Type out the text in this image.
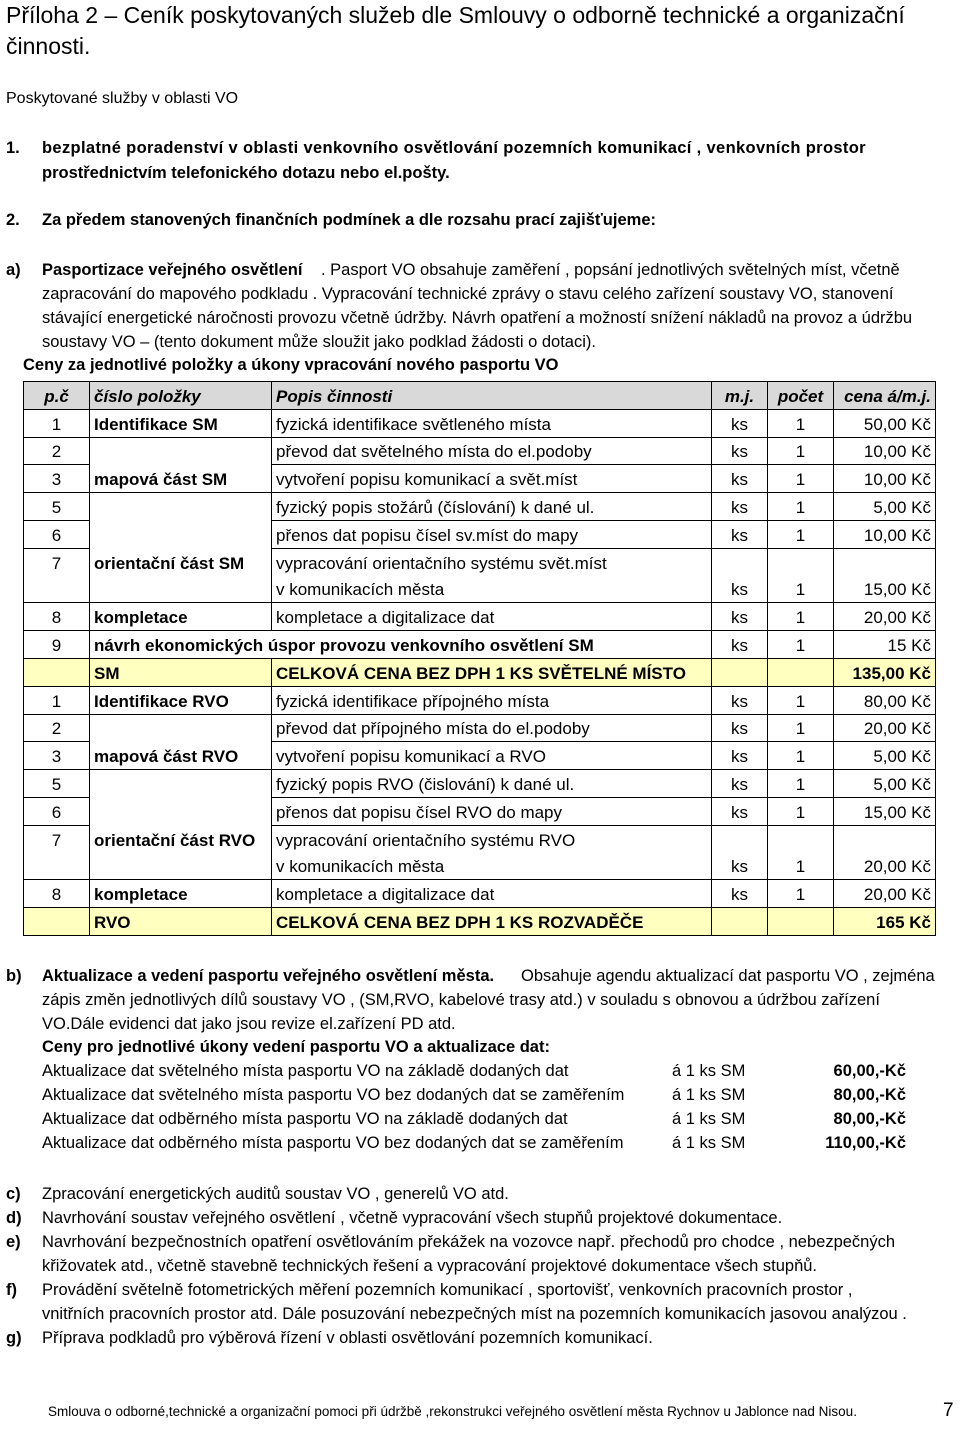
Příloha 2 – Ceník poskytovaných služeb dle Smlouvy o odborně technické a organizační činnosti.
Poskytované služby v oblasti VO
1. bezplatné poradenství v oblasti venkovního osvětlování pozemních komunikací , venkovních prostor
prostřednictvím telefonického dotazu nebo el.pošty.
2. Za předem stanovených finančních podmínek a dle rozsahu prací zajišťujeme:
a) Pasportizace veřejného osvětlení . Pasport VO obsahuje zaměření , popsání jednotlivých světelných míst, včetně
zapracování do mapového podkladu . Vypracování technické zprávy o stavu celého zařízení soustavy VO, stanovení
stávající energetické náročnosti provozu včetně údržby. Návrh opatření a možností snížení nákladů na provoz a údržbu
soustavy VO – (tento dokument může sloužit jako podklad žádosti o dotaci).
Ceny za jednotlivé položky a úkony vpracování nového pasportu VO
p.č	číslo položky	Popis činnosti	m.j.	počet	cena á/m.j.
1	Identifikace SM	fyzická identifikace světleného místa	ks	1	50,00 Kč
2		převod dat světelného místa do el.podoby	ks	1	10,00 Kč
3	mapová část SM	vytvoření popisu komunikací a svět.míst	ks	1	10,00 Kč
5		fyzický popis stožárů (číslování) k dané ul.	ks	1	5,00 Kč
6		přenos dat popisu čísel sv.míst do mapy	ks	1	10,00 Kč
7	orientační část SM	vypracování orientačního systému svět.míst			
		v komunikacích města	ks	1	15,00 Kč
8	kompletace	kompletace a digitalizace dat	ks	1	20,00 Kč
9	návrh ekonomických úspor provozu venkovního osvětlení SM		ks	1	15 Kč
	SM	CELKOVÁ CENA BEZ DPH 1 KS SVĚTELNÉ MÍSTO			135,00 Kč
1	Identifikace RVO	fyzická identifikace přípojného místa	ks	1	80,00 Kč
2		převod dat přípojného místa do el.podoby	ks	1	20,00 Kč
3	mapová část RVO	vytvoření popisu komunikací a RVO	ks	1	5,00 Kč
5		fyzický popis RVO (čislování) k dané ul.	ks	1	5,00 Kč
6		přenos dat popisu čísel RVO do mapy	ks	1	15,00 Kč
7	orientační část RVO	vypracování orientačního systému RVO			
		v komunikacích města	ks	1	20,00 Kč
8	kompletace	kompletace a digitalizace dat	ks	1	20,00 Kč
	RVO	CELKOVÁ CENA BEZ DPH 1 KS ROZVADĚČE			165 Kč
b) Aktualizace a vedení pasportu veřejného osvětlení města. Obsahuje agendu aktualizací dat pasportu VO , zejména
zápis změn jednotlivých dílů soustavy VO , (SM,RVO, kabelové trasy atd.) v souladu s obnovou a údržbou zařízení
VO.Dále evidenci dat jako jsou revize el.zařízení PD atd.
Ceny pro jednotlivé úkony vedení pasportu VO a aktualizace dat:
Aktualizace dat světelného místa pasportu VO na základě dodaných dat	á 1 ks SM	60,00,-Kč
Aktualizace dat světelného místa pasportu VO bez dodaných dat se zaměřením	á 1 ks SM	80,00,-Kč
Aktualizace dat odběrného místa pasportu VO na základě dodaných dat	á 1 ks SM	80,00,-Kč
Aktualizace dat odběrného místa pasportu VO bez dodaných dat se zaměřením	á 1 ks SM	110,00,-Kč
c) Zpracování energetických auditů soustav VO , generelů VO atd.
d) Navrhování soustav veřejného osvětlení , včetně vypracování všech stupňů projektové dokumentace.
e) Navrhování bezpečnostních opatření osvětlováním překážek na vozovce např. přechodů pro chodce , nebezpečných
křižovatek atd., včetně stavebně technických řešení a vypracování projektové dokumentace všech stupňů.
f) Provádění světelně fotometrických měření pozemních komunikací , sportovišť, venkovních pracovních prostor ,
vnitřních pracovních prostor atd. Dále posuzování nebezpečných míst na pozemních komunikacích jasovou analýzou .
g) Příprava podkladů pro výběrová řízení v oblasti osvětlování pozemních komunikací.
Smlouva o odborné,technické a organizační pomoci při údržbě ,rekonstrukci veřejného osvětlení města Rychnov u Jablonce nad Nisou.	7
